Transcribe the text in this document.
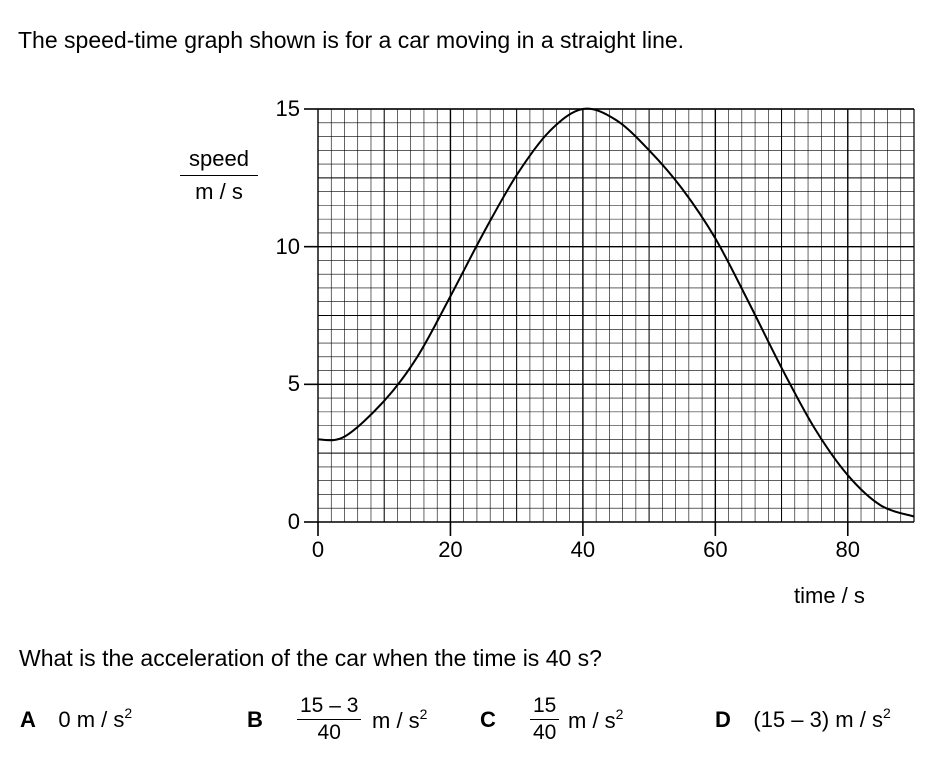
The speed-time graph shown is for a car moving in a straight line.
speed
m / s
time / s
0
5
10
15
0	20	40	60	80
What is the acceleration of the car when the time is 40 s?
A 0 m / $s^2$	B $\frac{15 - 3}{40}$ m / $s^2$ C $\frac{15}{40}$ m / $s^2$	D (15 – 3) m / $s^2$
